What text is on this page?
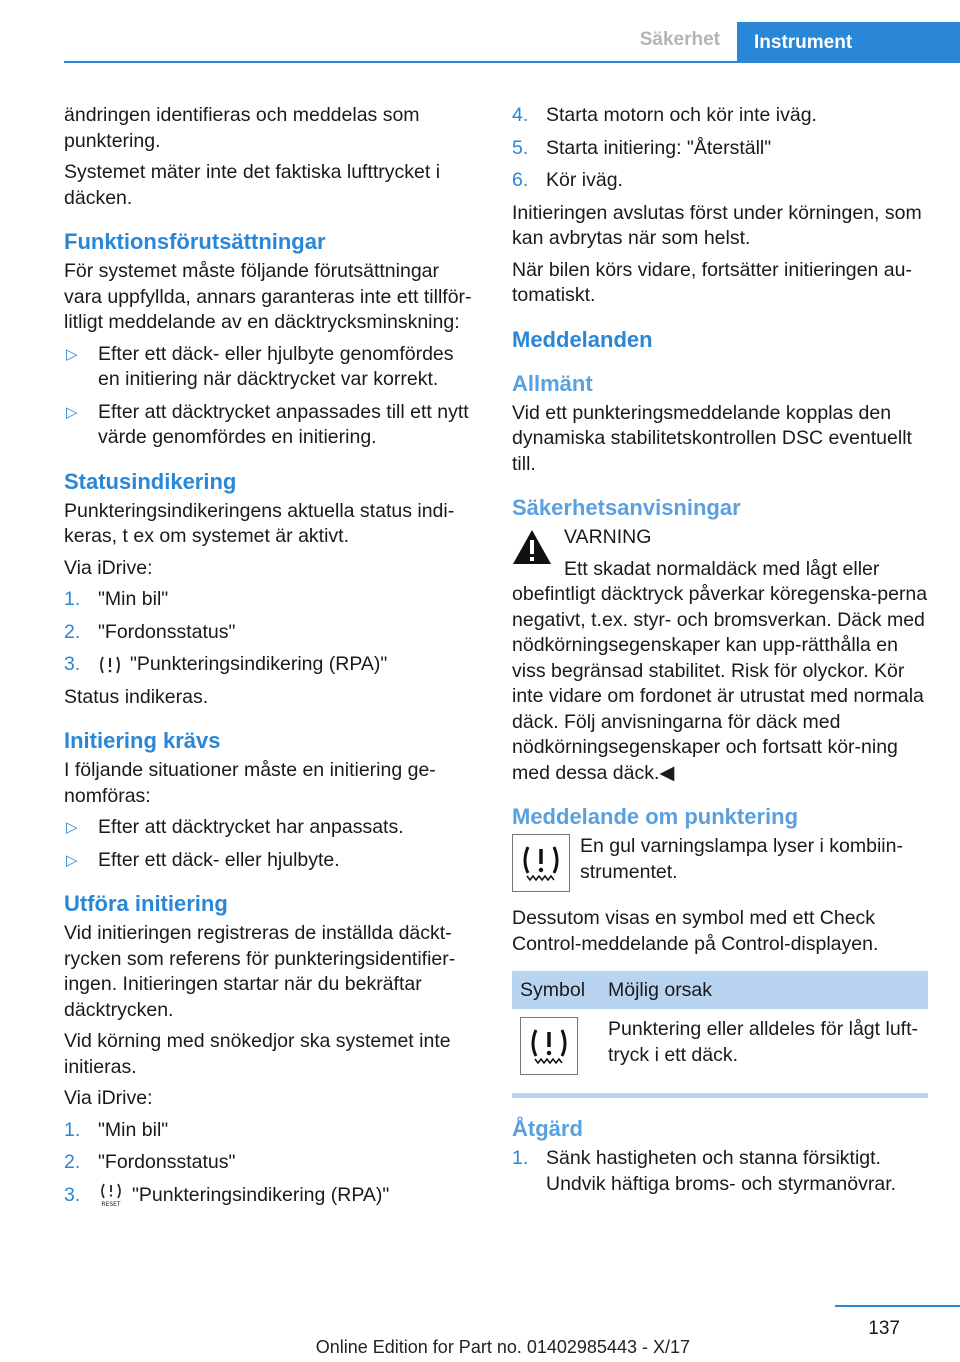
Säkerhet	Instrument

ändringen identifieras och meddelas som punktering.

Systemet mäter inte det faktiska lufttrycket i däcken.

Funktionsförutsättningar

För systemet måste följande förutsättningar vara uppfyllda, annars garanteras inte ett tillför‐litligt meddelande av en däcktrycksminskning:

▷ Efter ett däck- eller hjulbyte genomfördes en initiering när däcktrycket var korrekt.
▷ Efter att däcktrycket anpassades till ett nytt värde genomfördes en initiering.
Statusindikering

Punkteringsindikeringens aktuella status indi‐keras, t ex om systemet är aktivt.

Via iDrive:

1. "Min bil"
2. "Fordonsstatus"
3.	"Punkteringsindikering (RPA)"

Status indikeras.

Initiering krävs

I följande situationer måste en initiering ge‐nomföras:

▷ Efter att däcktrycket har anpassats.
▷ Efter ett däck- eller hjulbyte.
Utföra initiering

Vid initieringen registreras de inställda däckt‐rycken som referens för punkteringsidentifier‐ingen. Initieringen startar när du bekräftar däcktrycken.

Vid körning med snökedjor ska systemet inte initieras.

Via iDrive:

1. "Min bil"
2. "Fordonsstatus"
3.	RESET "Punkteringsindikering (RPA)"
4. Starta motorn och kör inte iväg.
5. Starta initiering: "Återställ"
6. Kör iväg.

Initieringen avslutas först under körningen, som kan avbrytas när som helst.

När bilen körs vidare, fortsätter initieringen au‐tomatiskt.

Meddelanden
Allmänt

Vid ett punkteringsmeddelande kopplas den dynamiska stabilitetskontrollen DSC eventuellt till.

Säkerhetsanvisningar

VARNING

Ett skadat normaldäck med lågt eller

obefintligt däcktryck påverkar köregenska‐perna negativt, t.ex. styr- och bromsverkan. Däck med nödkörningsegenskaper kan upp‐rätthålla en viss begränsad stabilitet. Risk för olyckor. Kör inte vidare om fordonet är utrustat med normala däck. Följ anvisningarna för däck med nödkörningsegenskaper och fortsatt kör‐ning med dessa däck.◀

Meddelande om punktering

En gul varningslampa lyser i kombiin‐strumentet.

Dessutom visas en symbol med ett Check Control-meddelande på Control-displayen.

Symbol	Möjlig orsak

	Punktering eller alldeles för lågt luft‐tryck i ett däck.
Åtgärd
1. Sänk hastigheten och stanna försiktigt. Undvik häftiga broms- och styrmanövrar.
137
Online Edition for Part no. 01402985443 - X/17
